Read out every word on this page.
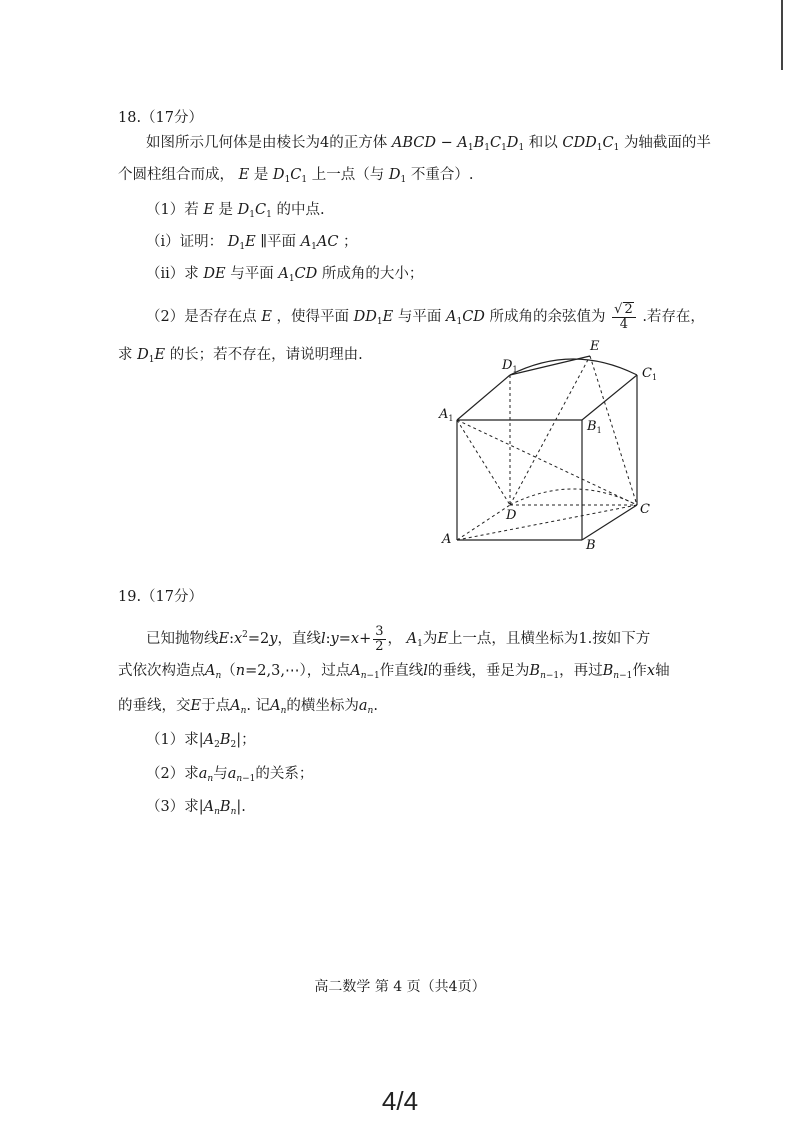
18.（17分）
如图所示几何体是由棱长为4的正方体 ABCD − $A_1B_1C_1D_1$ 和以 $CDD_1C_1$ 为轴截面的半
个圆柱组合而成， E 是 $D_1C_1$ 上一点（与 $D_1$ 不重合）.
（1）若 E 是 $D_1C_1$ 的中点.
（i）证明： $D_1E$ ∥平面 $A_1AC$ ；
（ii）求 DE 与平面 $A_1CD$ 所成角的大小；
（2）是否存在点 E ，使得平面 $DD_1E$ 与平面 $A_1CD$ 所成角的余弦值为 $\frac{√ 2}{4}$ .若存在，
求 $D_1E$ 的长；若不存在，请说明理由.
E
$D_1$	$C_1$
$A_1$
$B_1$
D	C
A	B
19.（17分）
已知抛物线$E:x^2=2y$，直线l:y=x+ $\frac{3}{2}$ ， $A_1$为E上一点，且横坐标为1.按如下方
式依次构造点$A_n(n=2,3,\cdots)$，过点$A_{n-1}$作直线l的垂线，垂足为$B_{n-1}$，再过$B_{n-1}$作x轴
的垂线，交E于点$A_n$. 记$A_n$的横坐标为$a_n$.
（1）求$|A_2B_2|$；
（2）求$a_n$与$a_{n-1}$的关系；
（3）求$|A_nB_n|$.
高二数学 第 4 页（共4页）
4/4
